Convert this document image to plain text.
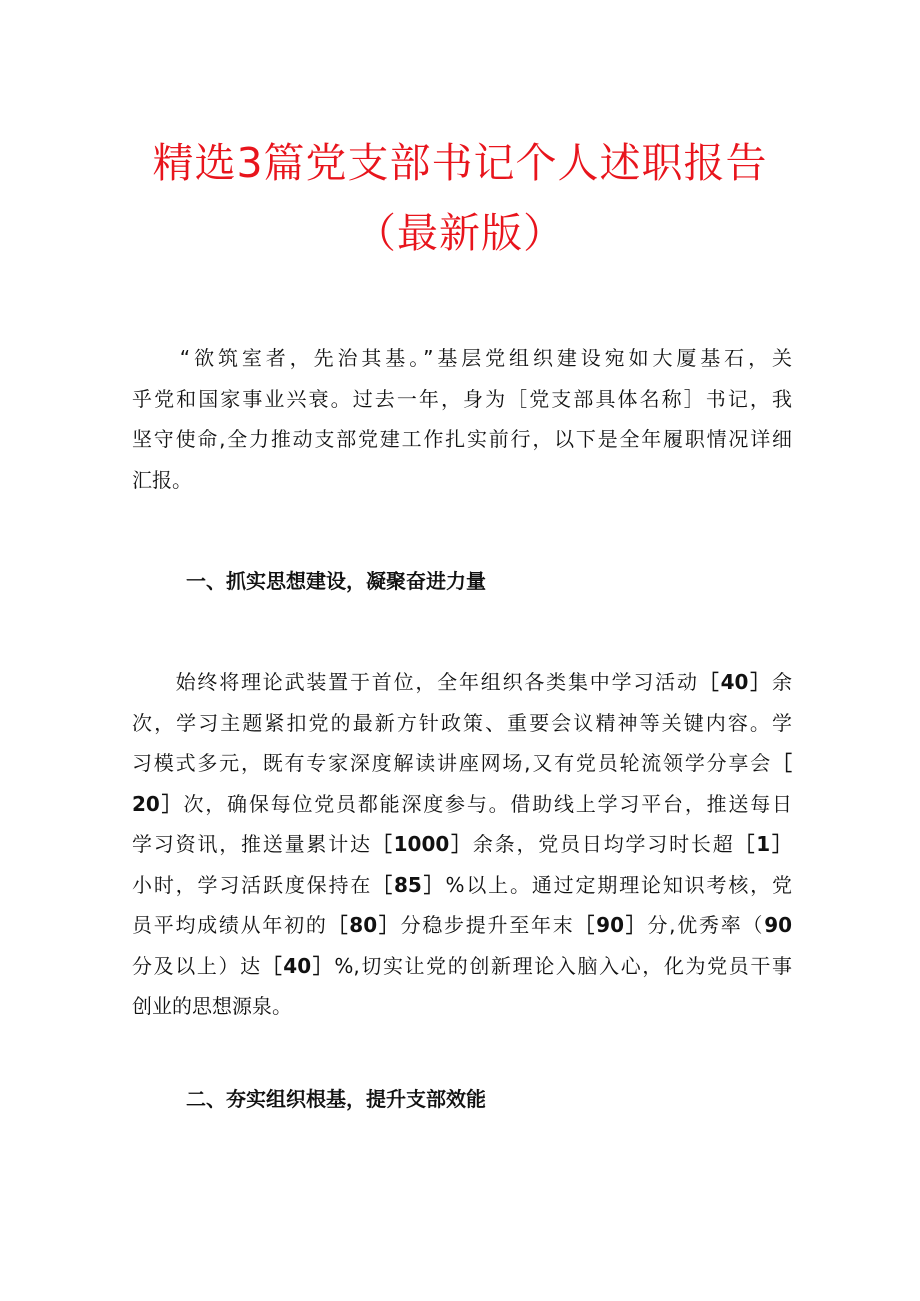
精选3篇党支部书记个人述职报告
（最新版）
　　“欲筑室者，先治其基。”基层党组织建设宛如大厦基石，关
乎党和国家事业兴衰。过去一年，身为［党支部具体名称］书记，我
坚守使命,全力推动支部党建工作扎实前行，以下是全年履职情况详细
汇报。
一、抓实思想建设，凝聚奋进力量
　　始终将理论武装置于首位，全年组织各类集中学习活动［40］余
次，学习主题紧扣党的最新方针政策、重要会议精神等关键内容。学
习模式多元，既有专家深度解读讲座网场,又有党员轮流领学分享会［
20］次，确保每位党员都能深度参与。借助线上学习平台，推送每日
学习资讯，推送量累计达［1000］余条，党员日均学习时长超［1］
小时，学习活跃度保持在［85］%以上。通过定期理论知识考核，党
员平均成绩从年初的［80］分稳步提升至年末［90］分,优秀率（90
分及以上）达［40］%,切实让党的创新理论入脑入心，化为党员干事
创业的思想源泉。
二、夯实组织根基，提升支部效能
